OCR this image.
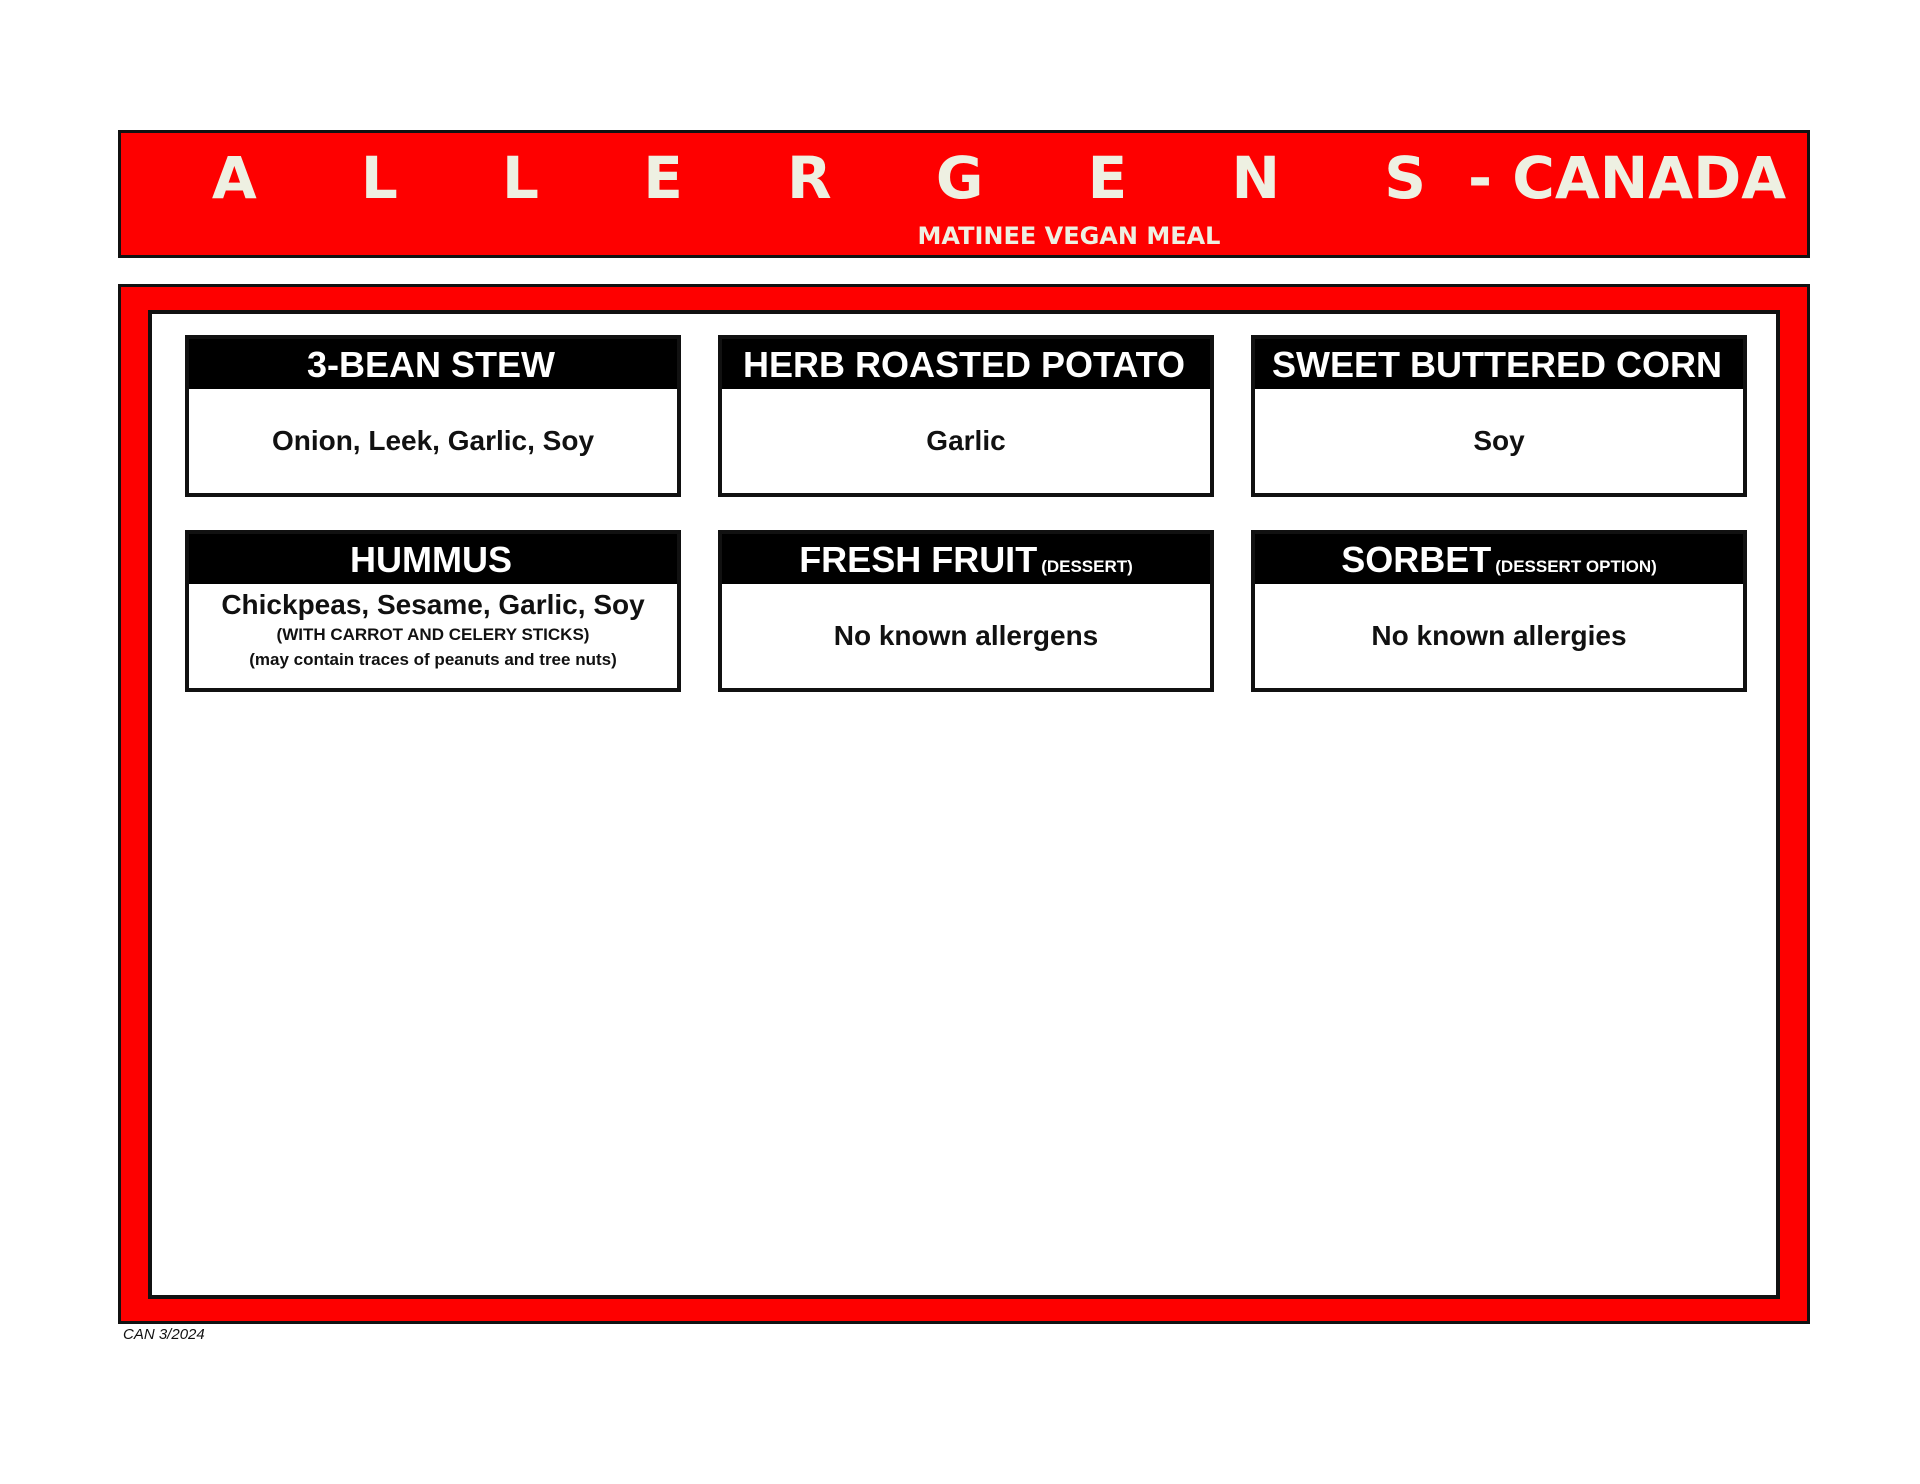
A L L E R G E N S- CANADA
MATINEE VEGAN MEAL
3-BEAN STEW
Onion, Leek, Garlic, Soy
HERB ROASTED POTATO
Garlic
SWEET BUTTERED CORN
Soy
HUMMUS
Chickpeas, Sesame, Garlic, Soy
(WITH CARROT AND CELERY STICKS)
(may contain traces of peanuts and tree nuts)
FRESH FRUIT (DESSERT)
No known allergens
SORBET (DESSERT OPTION)
No known allergies
CAN 3/2024
